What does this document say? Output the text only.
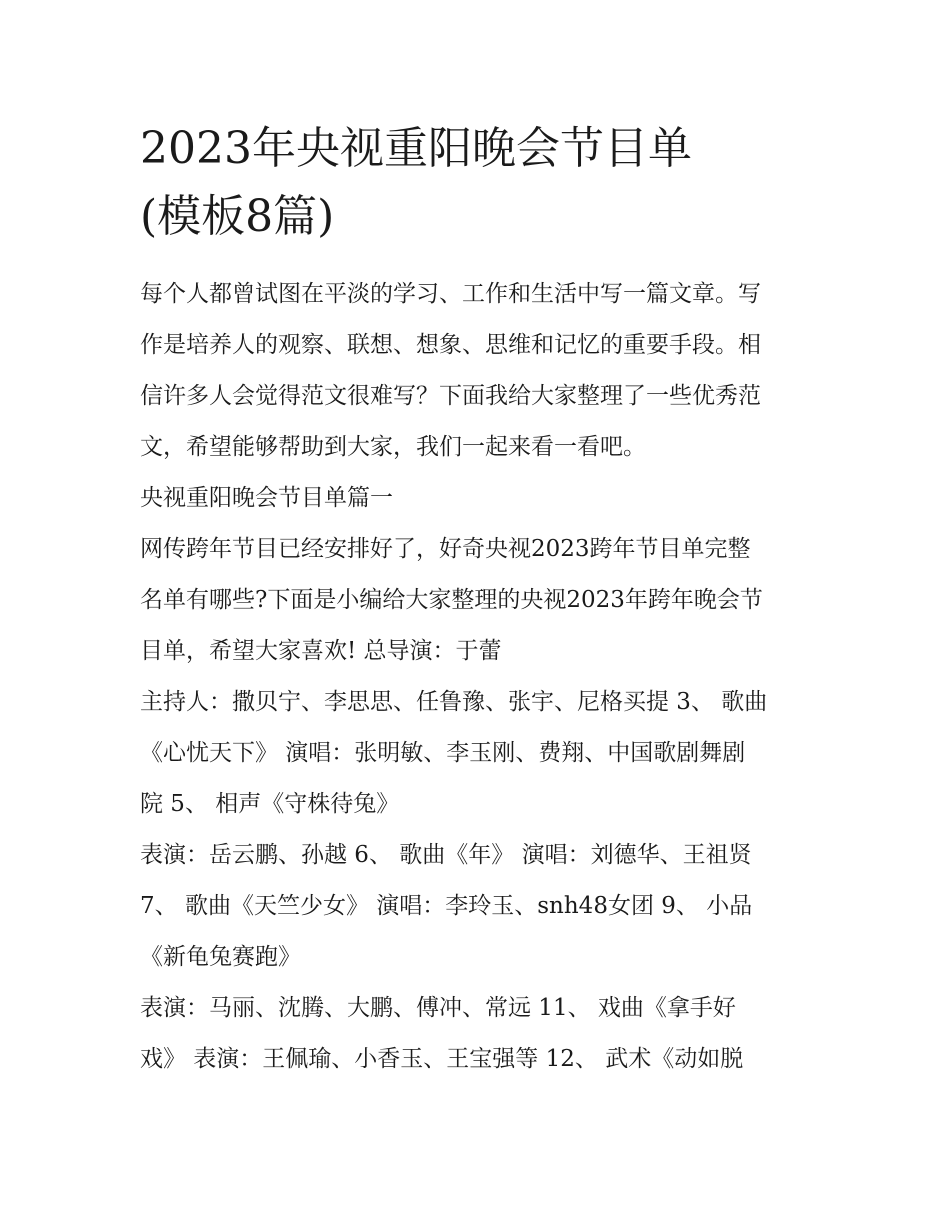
2023年央视重阳晚会节目单
(模板8篇)

每个人都曾试图在平淡的学习、工作和生活中写一篇文章。写
作是培养人的观察、联想、想象、思维和记忆的重要手段。相
信许多人会觉得范文很难写？下面我给大家整理了一些优秀范
文，希望能够帮助到大家，我们一起来看一看吧。

央视重阳晚会节目单篇一

网传跨年节目已经安排好了，好奇央视2023跨年节目单完整
名单有哪些?下面是小编给大家整理的央视2023年跨年晚会节
目单，希望大家喜欢! 总导演：于蕾

主持人：撒贝宁、李思思、任鲁豫、张宇、尼格买提 3、 歌曲
《心忧天下》 演唱：张明敏、李玉刚、费翔、中国歌剧舞剧
院 5、 相声《守株待兔》

表演：岳云鹏、孙越 6、 歌曲《年》 演唱：刘德华、王祖贤
7、 歌曲《天竺少女》 演唱：李玲玉、snh48女团 9、 小品
《新龟兔赛跑》

表演：马丽、沈腾、大鹏、傅冲、常远 11、 戏曲《拿手好
戏》 表演：王佩瑜、小香玉、王宝强等 12、 武术《动如脱
